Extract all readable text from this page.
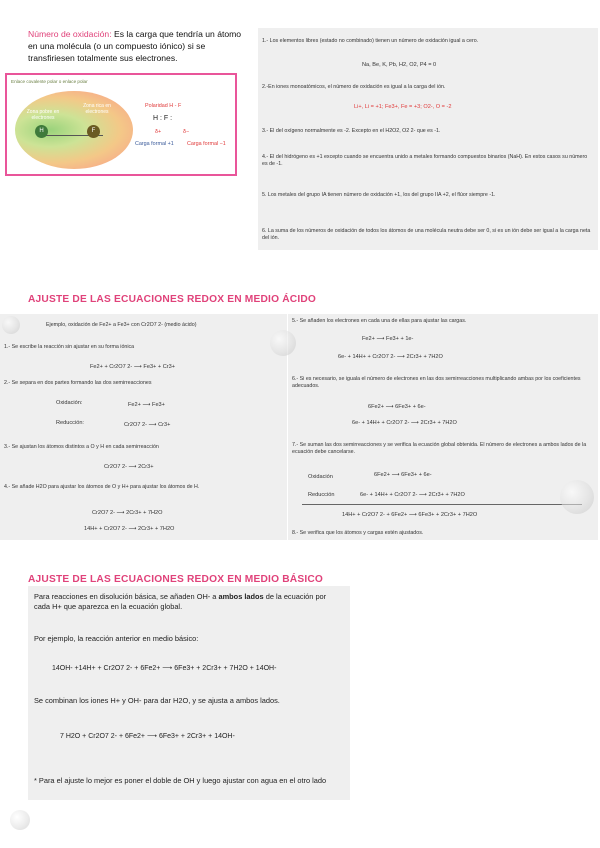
Número de oxidación: Es la carga que tendría un átomo en una molécula (o un compuesto iónico) si se transfiriesen totalmente sus electrones.
Enlace covalente polar o enlace polar
Zona pobre en electrones
Zona rica en electrones
H	F
Polaridad H - F
H : F :
δ+	δ−
Carga formal +1 Carga formal −1
1.- Los elementos libres (estado no combinado) tienen un número de oxidación igual a cero.
Na, Be, K, Pb, H2, O2, P4 = 0
2.-En iones monoatómicos, el número de oxidación es igual a la carga del ión.
Li+, Li = +1; Fe3+, Fe = +3; O2-, O = -2
3.- El del oxígeno normalmente es -2. Excepto en el H2O2, O2 2- que es -1.
4.- El del hidrógeno es +1 excepto cuando se encuentra unido a metales formando compuestos binarios (NaH). En estos casos su número es de -1.
5. Los metales del grupo IA tienen número de oxidación +1, los del grupo IIA +2, el flúor siempre -1.
6. La suma de los números de oxidación de todos los átomos de una molécula neutra debe ser 0, si es un ión debe ser igual a la carga neta del ión.
AJUSTE DE LAS ECUACIONES REDOX EN MEDIO ÁCIDO
Ejemplo, oxidación de Fe2+ a Fe3+ con Cr2O7 2- (medio ácido)
1.- Se escribe la reacción sin ajustar en su forma iónica
Fe2+ + Cr2O7 2- ⟶ Fe3+ + Cr3+
2.- Se separa en dos partes formando las dos semirreacciones
Oxidación:	Fe2+ ⟶ Fe3+
Reducción:	Cr2O7 2- ⟶ Cr3+
3.- Se ajustan los átomos distintos a O y H en cada semirreacción
Cr2O7 2- ⟶ 2Cr3+
4.- Se añade H2O para ajustar los átomos de O y H+ para ajustar los átomos de H.
Cr2O7 2- ⟶ 2Cr3+ + 7H2O
14H+ + Cr2O7 2- ⟶ 2Cr3+ + 7H2O
5.- Se añaden los electrones en cada una de ellas para ajustar las cargas.
Fe2+ ⟶ Fe3+ + 1e-
6e- + 14H+ + Cr2O7 2- ⟶ 2Cr3+ + 7H2O
6.- Si es necesario, se iguala el número de electrones en las dos semirreacciones multiplicando ambas por los coeficientes adecuados.
6Fe2+ ⟶ 6Fe3+ + 6e-
6e- + 14H+ + Cr2O7 2- ⟶ 2Cr3+ + 7H2O
7.- Se suman las dos semirreacciones y se verifica la ecuación global obtenida. El número de electrones a ambos lados de la ecuación debe cancelarse.
Oxidación	6Fe2+ ⟶ 6Fe3+ + 6e-
Reducción	6e- + 14H+ + Cr2O7 2- ⟶ 2Cr3+ + 7H2O
14H+ + Cr2O7 2- + 6Fe2+ ⟶ 6Fe3+ + 2Cr3+ + 7H2O
8.- Se verifica que los átomos y cargas estén ajustados.
AJUSTE DE LAS ECUACIONES REDOX EN MEDIO BÁSICO
Para reacciones en disolución básica, se añaden OH- a ambos lados de la ecuación por cada H+ que aparezca en la ecuación global.
Por ejemplo, la reacción anterior en medio básico:
14OH- +14H+ + Cr2O7 2- + 6Fe2+ ⟶ 6Fe3+ + 2Cr3+ + 7H2O + 14OH-
Se combinan los iones H+ y OH- para dar H2O, y se ajusta a ambos lados.
7 H2O + Cr2O7 2- + 6Fe2+ ⟶ 6Fe3+ + 2Cr3+ + 14OH-
* Para el ajuste lo mejor es poner el doble de OH y luego ajustar con agua en el otro lado
